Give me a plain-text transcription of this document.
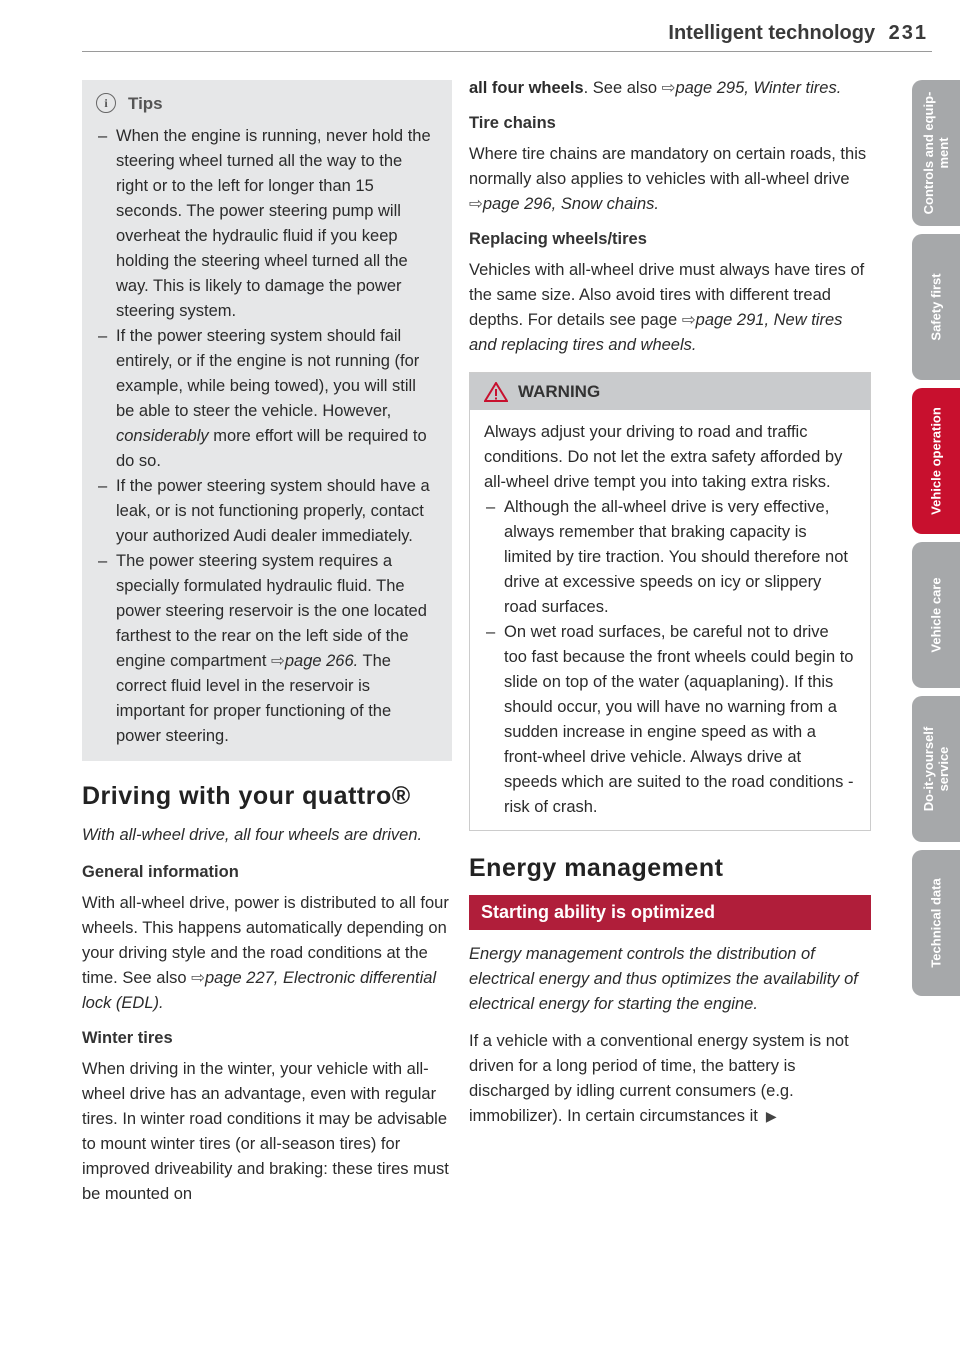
Intelligent technology 231
i	Tips
– When the engine is running, never hold the steering wheel turned all the way to the right or to the left for longer than 15 seconds. The power steering pump will overheat the hydraulic fluid if you keep holding the steering wheel turned all the way. This is likely to damage the power steering system.
– If the power steering system should fail entirely, or if the engine is not running (for example, while being towed), you will still be able to steer the vehicle. However, considerably more effort will be required to do so.
– If the power steering system should have a leak, or is not functioning properly, contact your authorized Audi dealer immediately.
– The power steering system requires a specially formulated hydraulic fluid. The power steering reservoir is the one located farthest to the rear on the left side of the engine compartment ⇨page 266. The correct fluid level in the reservoir is important for proper functioning of the power steering.
Driving with your quattro®

With all-wheel drive, all four wheels are driven.

General information

With all-wheel drive, power is distributed to all four wheels. This happens automatically depending on your driving style and the road conditions at the time. See also ⇨page 227, Electronic differential lock (EDL).

Winter tires

When driving in the winter, your vehicle with all-wheel drive has an advantage, even with regular tires. In winter road conditions it may be advisable to mount winter tires (or all-season tires) for improved driveability and braking: these tires must be mounted on

all four wheels. See also ⇨page 295, Winter tires.

Tire chains

Where tire chains are mandatory on certain roads, this normally also applies to vehicles with all-wheel drive ⇨page 296, Snow chains.

Replacing wheels/tires

Vehicles with all-wheel drive must always have tires of the same size. Also avoid tires with different tread depths. For details see page ⇨page 291, New tires and replacing tires and wheels.

WARNING

Always adjust your driving to road and traffic conditions. Do not let the extra safety afforded by all-wheel drive tempt you into taking extra risks.

– Although the all-wheel drive is very effective, always remember that braking capacity is limited by tire traction. You should therefore not drive at excessive speeds on icy or slippery road surfaces.
– On wet road surfaces, be careful not to drive too fast because the front wheels could begin to slide on top of the water (aquaplaning). If this should occur, you will have no warning from a sudden increase in engine speed as with a front-wheel drive vehicle. Always drive at speeds which are suited to the road conditions - risk of crash.
Energy management
Starting ability is optimized

Energy management controls the distribution of electrical energy and thus optimizes the availability of electrical energy for starting the engine.

If a vehicle with a conventional energy system is not driven for a long period of time, the battery is discharged by idling current consumers (e.g. immobilizer). In certain circumstances it ▶

Controls and equip-
ment
Safety first
Vehicle operation
Vehicle care
Do-it-yourself
service
Technical data
